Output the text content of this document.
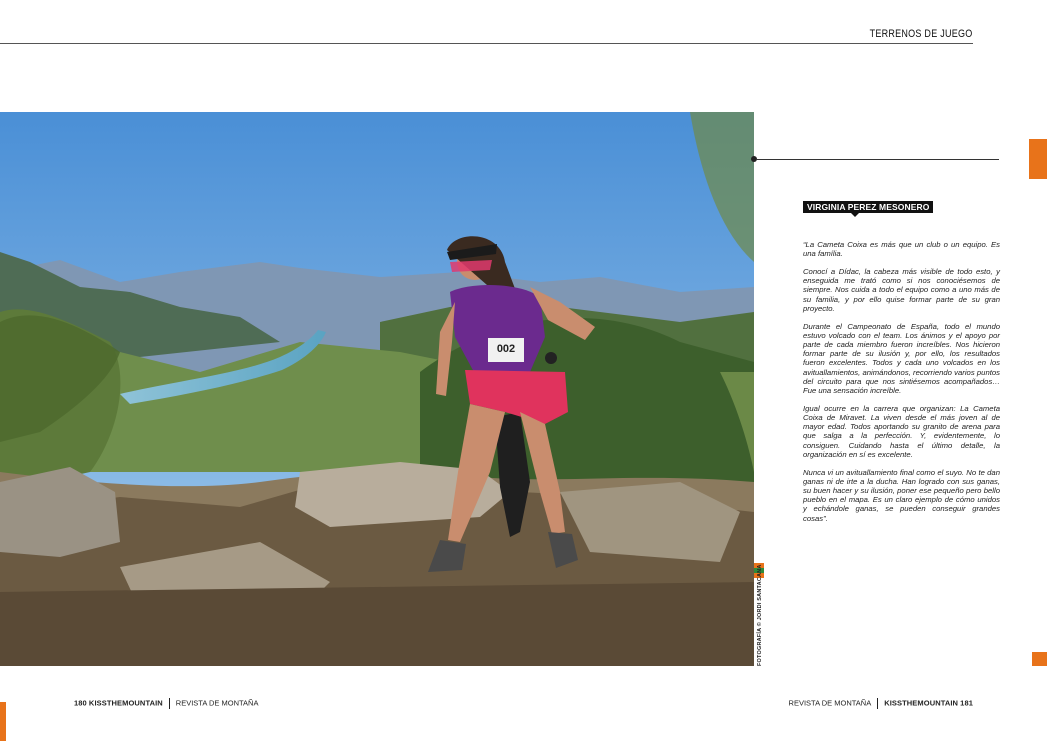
TERRENOS DE JUEGO
002
FOTOGRAFÍA © JORDI SANTACANA
VIRGINIA PEREZ MESONERO

“La Cameta Coixa es más que un club o un equipo. Es una família.

Conocí a Dídac, la cabeza más visible de todo esto, y enseguida me trató como si nos conociésemos de siempre. Nos cuida a todo el equipo como a uno más de su familia, y por ello quise formar parte de su gran proyecto.

Durante el Campeonato de España, todo el mundo estuvo volcado con el team. Los ánimos y el apoyo por parte de cada miembro fueron increíbles. Nos hicieron formar parte de su ilusión y, por ello, los resultados fueron excelentes. Todos y cada uno volcados en los avituallamientos, animándonos, recorriendo varios puntos del circuito para que nos sintiésemos acompañados… Fue una sensación increíble.

Igual ocurre en la carrera que organizan: La Cameta Coixa de Miravet. La viven desde el más joven al de mayor edad. Todos aportando su granito de arena para que salga a la perfección. Y, evidentemente, lo consiguen. Cuidando hasta el último detalle, la organización en sí es excelente.

Nunca vi un avituallamiento final como el suyo. No te dan ganas ni de irte a la ducha. Han logrado con sus ganas, su buen hacer y su ilusión, poner ese pequeño pero bello pueblo en el mapa. Es un claro ejemplo de cómo unidos y echándole ganas, se pueden conseguir grandes cosas”.

180 KISSTHEMOUNTAIN REVISTA DE MONTAÑA	REVISTA DE MONTAÑA KISSTHEMOUNTAIN 181
